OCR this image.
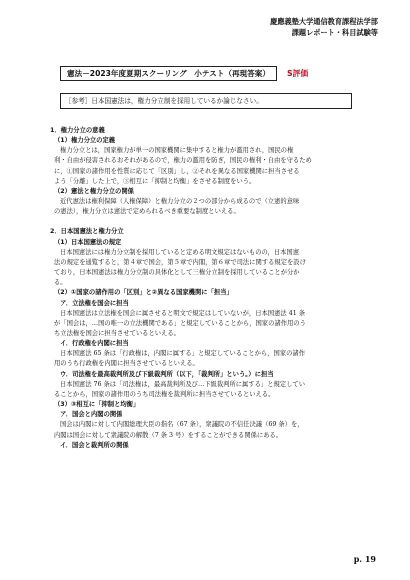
慶應義塾大学通信教育課程法学部
課題レポート・科目試験等
憲法－2023年度夏期スクーリング　小テスト（再現答案）	S評価
［参考］日本国憲法は，権力分立制を採用しているか論じなさい。
1．権力分立の意義
（1）権力分立の定義
権力分立とは，国家権力が単一の国家機関に集中すると権力が濫用され，国民の権
利・自由が侵害されるおそれがあるので，権力の濫用を防ぎ，国民の権利・自由を守るため
に，①国家の諸作用を性質に応じて「区別」し，②それを異なる国家機関に担当させる
よう「分離」した上で，③相互に「抑制と均衡」をさせる制度をいう。
（2）憲法と権力分立の関係
近代憲法は権利保障（人権保障）と権力分立の２つの部分から成るので（立憲的意味
の憲法），権力分立は憲法で定められるべき重要な制度といえる。
2．日本国憲法と権力分立
（1）日本国憲法の規定
日本国憲法には権力分立制を採用していると定める明文規定はないものの，日本国憲
法の規定を通覧すると，第４章で国会，第５章で内閣，第６章で司法に関する規定を設け
ており，日本国憲法は権力分立制の具体化として三権分立制を採用していることが分か
る。
（2）①国家の諸作用の「区別」と②異なる国家機関に「担当」
ア．立法権を国会に担当
日本国憲法は立法権を国会に属させると明文で規定はしていないが，日本国憲法 41 条
が「国会は，…国の唯一の立法機関である」と規定していることから，国家の諸作用のう
ち立法権を国会に担当させているといえる。
イ．行政権を内閣に担当
日本国憲法 65 条は「行政権は，内閣に属する」と規定していることから，国家の諸作
用のうち行政権を内閣に担当させているといえる。
ウ．司法権を最高裁判所及び下級裁判所（以下，「裁判所」という。）に担当
日本国憲法 76 条は「司法権は，最高裁判所及び…下級裁判所に属する」と規定してい
ることから，国家の諸作用のうち司法権を裁判所に担当させているといえる。
（3）③相互に「抑制と均衡」
ア．国会と内閣の関係
国会は内閣に対して内閣総理大臣の指名（67 条），衆議院の不信任決議（69 条）を，
内閣は国会に対して衆議院の解散（7 条 3 号）をすることができる関係にある。
イ．国会と裁判所の関係
p. 19
